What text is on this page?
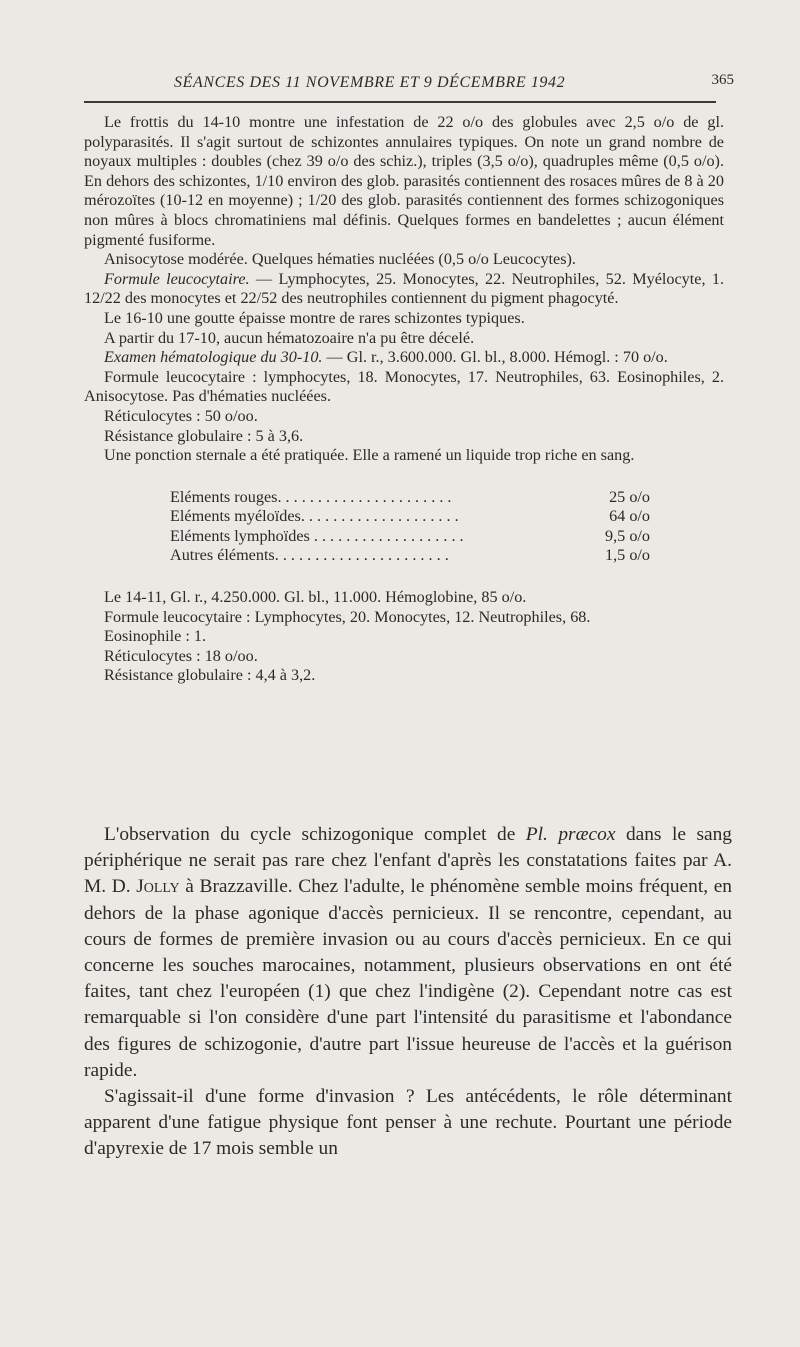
SÉANCES DES 11 NOVEMBRE ET 9 DÉCEMBRE 1942	365

Le frottis du 14-10 montre une infestation de 22 o/o des globules avec 2,5 o/o de gl. polyparasités. Il s'agit surtout de schizontes annulaires typiques. On note un grand nombre de noyaux multiples : doubles (chez 39 o/o des schiz.), triples (3,5 o/o), quadruples même (0,5 o/o). En dehors des schizontes, 1/10 environ des glob. parasités contiennent des rosaces mûres de 8 à 20 mérozoïtes (10-12 en moyenne) ; 1/20 des glob. parasités contiennent des formes schizogoniques non mûres à blocs chromatiniens mal définis. Quelques formes en bandelettes ; aucun élément pigmenté fusiforme.

Anisocytose modérée. Quelques hématies nucléées (0,5 o/o Leucocytes).

Formule leucocytaire. — Lymphocytes, 25. Monocytes, 22. Neutrophiles, 52. Myélocyte, 1. 12/22 des monocytes et 22/52 des neutrophiles contiennent du pigment phagocyté.

Le 16-10 une goutte épaisse montre de rares schizontes typiques.

A partir du 17-10, aucun hématozoaire n'a pu être décelé.

Examen hématologique du 30-10. — Gl. r., 3.600.000. Gl. bl., 8.000. Hémogl. : 70 o/o.

Formule leucocytaire : lymphocytes, 18. Monocytes, 17. Neutrophiles, 63. Eosinophiles, 2. Anisocytose. Pas d'hématies nucléées.

Réticulocytes : 50 o/oo.

Résistance globulaire : 5 à 3,6.

Une ponction sternale a été pratiquée. Elle a ramené un liquide trop riche en sang.

Eléments rouges. . . . . . . . . . . . . . . . . . . . . .	25 o/o
Eléments myéloïdes. . . . . . . . . . . . . . . . . . . .	64 o/o
Eléments lymphoïdes . . . . . . . . . . . . . . . . . . .	9,5 o/o
Autres éléments. . . . . . . . . . . . . . . . . . . . . .	1,5 o/o

Le 14-11, Gl. r., 4.250.000. Gl. bl., 11.000. Hémoglobine, 85 o/o.

Formule leucocytaire : Lymphocytes, 20. Monocytes, 12. Neutrophiles, 68.

Eosinophile : 1.

Réticulocytes : 18 o/oo.

Résistance globulaire : 4,4 à 3,2.

L'observation du cycle schizogonique complet de Pl. præcox dans le sang périphérique ne serait pas rare chez l'enfant d'après les constatations faites par A. M. D. Jolly à Brazzaville. Chez l'adulte, le phénomène semble moins fréquent, en dehors de la phase agonique d'accès pernicieux. Il se rencontre, cependant, au cours de formes de première invasion ou au cours d'accès pernicieux. En ce qui concerne les souches marocaines, notamment, plusieurs observations en ont été faites, tant chez l'européen (1) que chez l'indigène (2). Cependant notre cas est remarquable si l'on considère d'une part l'intensité du parasitisme et l'abondance des figures de schizogonie, d'autre part l'issue heureuse de l'accès et la guérison rapide.

S'agissait-il d'une forme d'invasion ? Les antécédents, le rôle déterminant apparent d'une fatigue physique font penser à une rechute. Pourtant une période d'apyrexie de 17 mois semble un
